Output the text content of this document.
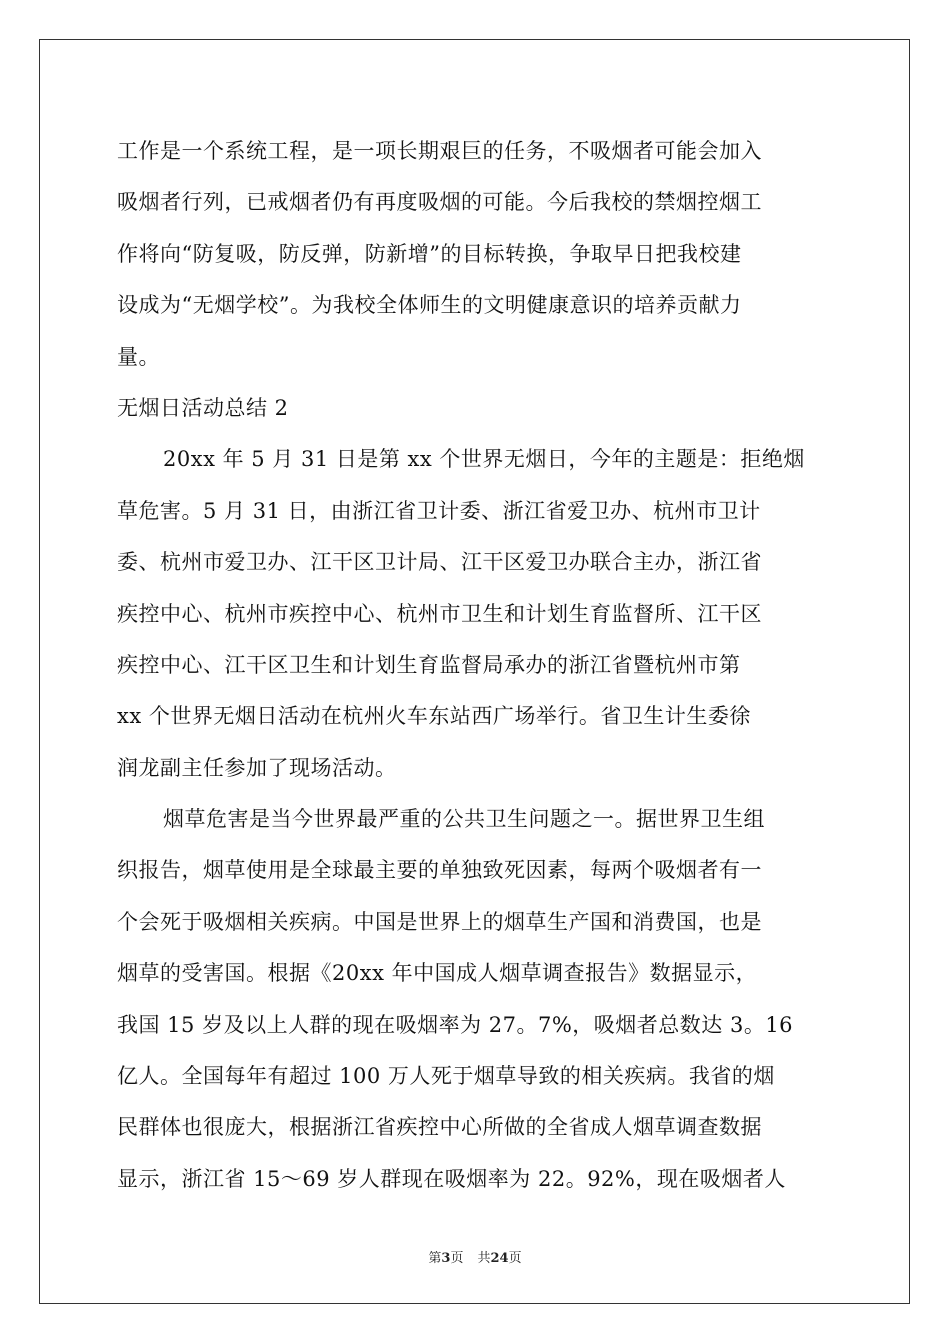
工作是一个系统工程，是一项长期艰巨的任务，不吸烟者可能会加入
吸烟者行列，已戒烟者仍有再度吸烟的可能。今后我校的禁烟控烟工
作将向“防复吸，防反弹，防新增”的目标转换，争取早日把我校建
设成为“无烟学校”。为我校全体师生的文明健康意识的培养贡献力
量。
无烟日活动总结 2
20xx 年 5 月 31 日是第 xx 个世界无烟日，今年的主题是：拒绝烟
草危害。5 月 31 日，由浙江省卫计委、浙江省爱卫办、杭州市卫计
委、杭州市爱卫办、江干区卫计局、江干区爱卫办联合主办，浙江省
疾控中心、杭州市疾控中心、杭州市卫生和计划生育监督所、江干区
疾控中心、江干区卫生和计划生育监督局承办的浙江省暨杭州市第
xx 个世界无烟日活动在杭州火车东站西广场举行。省卫生计生委徐
润龙副主任参加了现场活动。
烟草危害是当今世界最严重的公共卫生问题之一。据世界卫生组
织报告，烟草使用是全球最主要的单独致死因素，每两个吸烟者有一
个会死于吸烟相关疾病。中国是世界上的烟草生产国和消费国，也是
烟草的受害国。根据《20xx 年中国成人烟草调查报告》数据显示，
我国 15 岁及以上人群的现在吸烟率为 27。7%，吸烟者总数达 3。16
亿人。全国每年有超过 100 万人死于烟草导致的相关疾病。我省的烟
民群体也很庞大，根据浙江省疾控中心所做的全省成人烟草调查数据
显示，浙江省 15～69 岁人群现在吸烟率为 22。92%，现在吸烟者人
第3页 共24页
